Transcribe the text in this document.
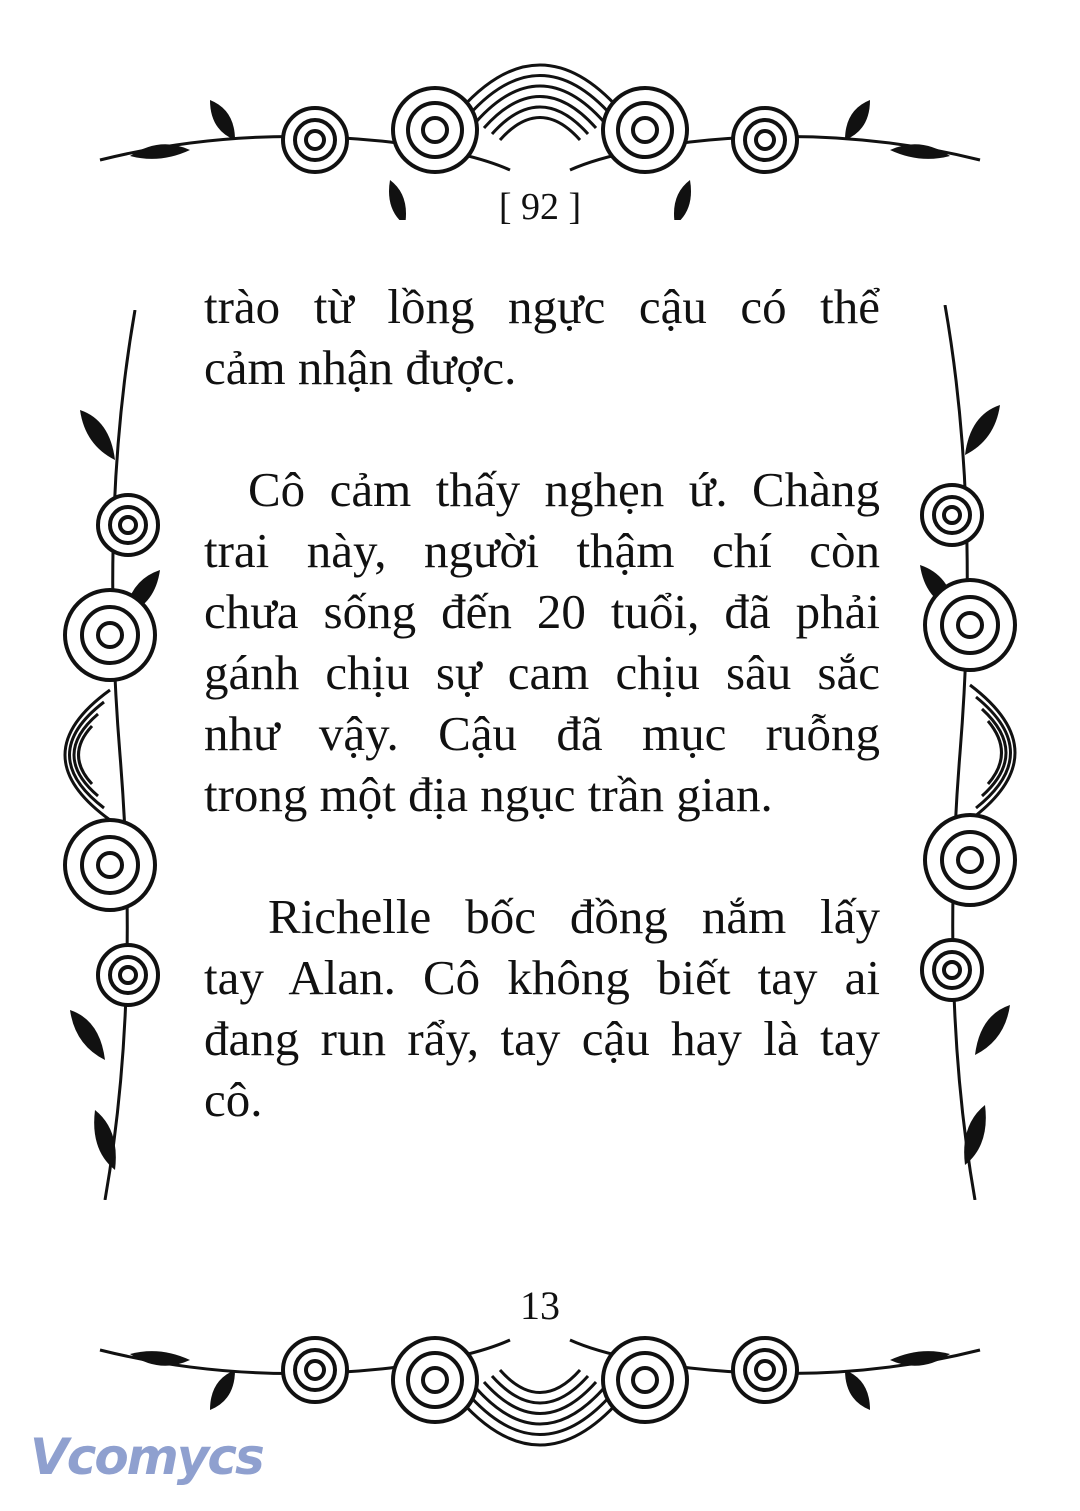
[ 92 ]

trào từ lồng ngực cậu có thể
cảm nhận được.

Cô cảm thấy nghẹn ứ. Chàng
trai này, người thậm chí còn
chưa sống đến 20 tuổi, đã phải
gánh chịu sự cam chịu sâu sắc
như vậy. Cậu đã mục ruỗng
trong một địa ngục trần gian.

Richelle bốc đồng nắm lấy
tay Alan. Cô không biết tay ai
đang run rẩy, tay cậu hay là tay
cô.

13
Vcomycs
